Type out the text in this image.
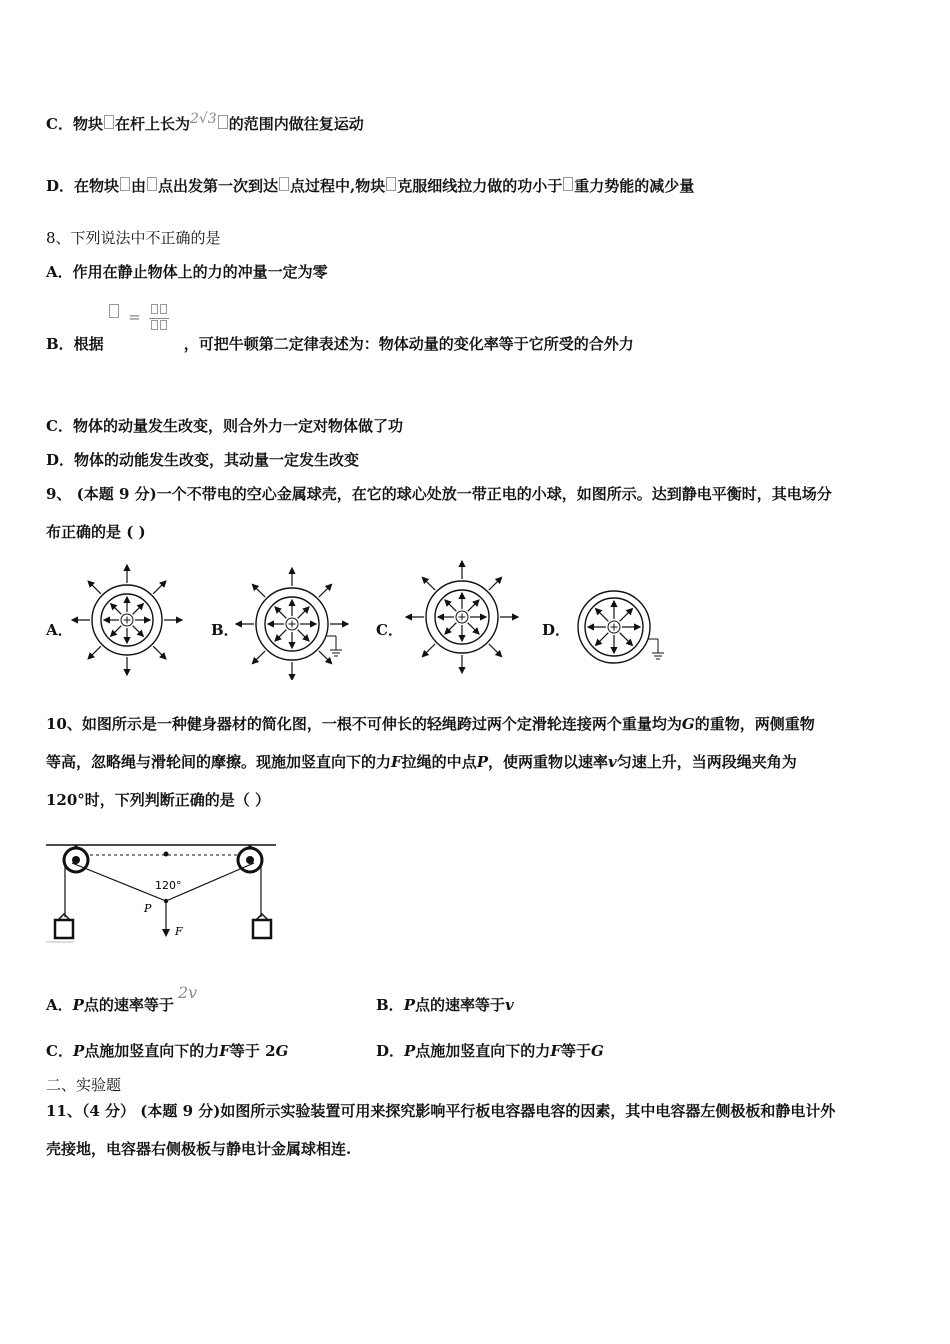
C．物块 在杆上长为2√3 的范围内做往复运动
D．在物块 由 点出发第一次到达 点过程中,物块 克服细线拉力做的功小于 重力势能的减少量
8、下列说法中不正确的是
A．作用在静止物体上的力的冲量一定为零
=
B．根据	，可把牛顿第二定律表述为：物体动量的变化率等于它所受的合外力
C．物体的动量发生改变，则合外力一定对物体做了功
D．物体的动能发生改变，其动量一定发生改变
9、 (本题 9 分)一个不带电的空心金属球壳，在它的球心处放一带正电的小球，如图所示。达到静电平衡时，其电场分
布正确的是 ( )
A．	B．	C．	D．
10、如图所示是一种健身器材的简化图，一根不可伸长的轻绳跨过两个定滑轮连接两个重量均为G的重物，两侧重物
等高，忽略绳与滑轮间的摩擦。现施加竖直向下的力F拉绳的中点P，使两重物以速率v匀速上升，当两段绳夹角为
120°时，下列判断正确的是（ ）
120°
P
F
A．P点的速率等于2v
B．P点的速率等于v
C．P点施加竖直向下的力F等于 2G	D．P点施加竖直向下的力F等于G
二、实验题
11、（4 分） (本题 9 分)如图所示实验装置可用来探究影响平行板电容器电容的因素，其中电容器左侧极板和静电计外
壳接地，电容器右侧极板与静电计金属球相连.
